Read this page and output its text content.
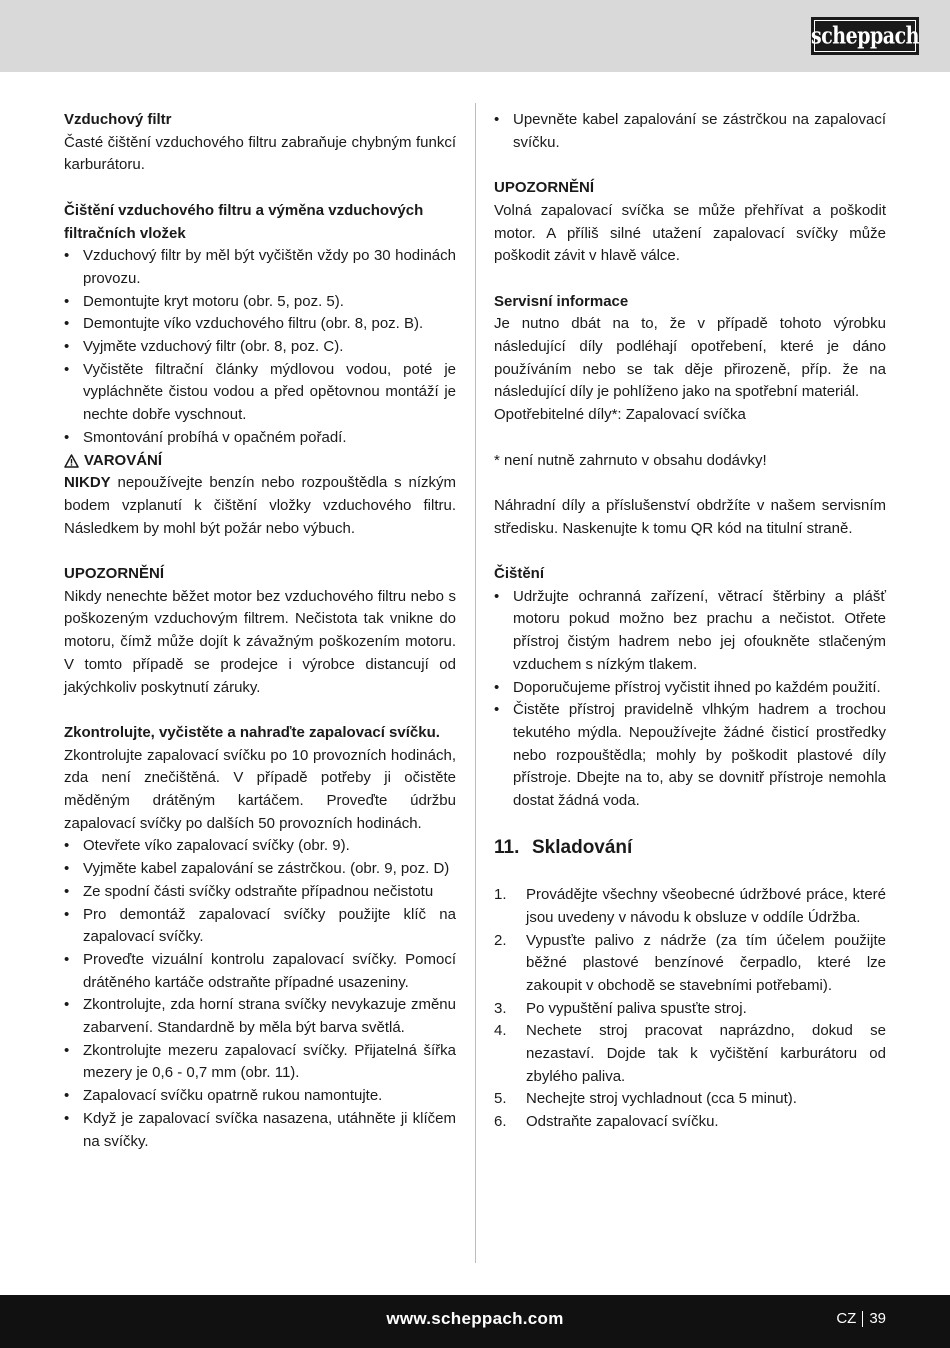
scheppach
Vzduchový filtr

Časté čištění vzduchového filtru zabraňuje chybným funkcí karburátoru.

Čištění vzduchového filtru a výměna vzduchových filtračních vložek
• Vzduchový filtr by měl být vyčištěn vždy po 30 hodinách provozu.
• Demontujte kryt motoru (obr. 5, poz. 5).
• Demontujte víko vzduchového filtru (obr. 8, poz. B).
• Vyjměte vzduchový filtr (obr. 8, poz. C).
• Vyčistěte filtrační články mýdlovou vodou, poté je vypláchněte čistou vodou a před opětovnou montáží je nechte dobře vyschnout.
• Smontování probíhá v opačném pořadí.
VAROVÁNÍ

NIKDY nepoužívejte benzín nebo rozpouštědla s nízkým bodem vzplanutí k čištění vložky vzduchového filtru. Následkem by mohl být požár nebo výbuch.

UPOZORNĚNÍ

Nikdy nenechte běžet motor bez vzduchového filtru nebo s poškozeným vzduchovým filtrem. Nečistota tak vnikne do motoru, čímž může dojít k závažným poškozením motoru. V tomto případě se prodejce i výrobce distancují od jakýchkoliv poskytnutí záruky.

Zkontrolujte, vyčistěte a nahraďte zapalovací svíčku.

Zkontrolujte zapalovací svíčku po 10 provozních hodinách, zda není znečištěná. V případě potřeby ji očistěte měděným drátěným kartáčem. Proveďte údržbu zapalovací svíčky po dalších 50 provozních hodinách.

• Otevřete víko zapalovací svíčky (obr. 9).
• Vyjměte kabel zapalování se zástrčkou. (obr. 9, poz. D)
• Ze spodní části svíčky odstraňte případnou nečistotu
• Pro demontáž zapalovací svíčky použijte klíč na zapalovací svíčky.
• Proveďte vizuální kontrolu zapalovací svíčky. Pomocí drátěného kartáče odstraňte případné usazeniny.
• Zkontrolujte, zda horní strana svíčky nevykazuje změnu zabarvení. Standardně by měla být barva světlá.
• Zkontrolujte mezeru zapalovací svíčky. Přijatelná šířka mezery je 0,6 - 0,7 mm (obr. 11).
• Zapalovací svíčku opatrně rukou namontujte.
• Když je zapalovací svíčka nasazena, utáhněte ji klíčem na svíčky.
• Upevněte kabel zapalování se zástrčkou na zapalovací svíčku.
UPOZORNĚNÍ

Volná zapalovací svíčka se může přehřívat a poškodit motor. A příliš silné utažení zapalovací svíčky může poškodit závit v hlavě válce.

Servisní informace

Je nutno dbát na to, že v případě tohoto výrobku následující díly podléhají opotřebení, které je dáno používáním nebo se tak děje přirozeně, příp. že na následující díly je pohlíženo jako na spotřební materiál.

Opotřebitelné díly*: Zapalovací svíčka

* není nutně zahrnuto v obsahu dodávky!

Náhradní díly a příslušenství obdržíte v našem servisním středisku. Naskenujte k tomu QR kód na titulní straně.

Čištění
• Udržujte ochranná zařízení, větrací štěrbiny a plášť motoru pokud možno bez prachu a nečistot. Otřete přístroj čistým hadrem nebo jej ofoukněte stlačeným vzduchem s nízkým tlakem.
• Doporučujeme přístroj vyčistit ihned po každém použití.
• Čistěte přístroj pravidelně vlhkým hadrem a trochou tekutého mýdla. Nepoužívejte žádné čisticí prostředky nebo rozpouštědla; mohly by poškodit plastové díly přístroje. Dbejte na to, aby se dovnitř přístroje nemohla dostat žádná voda.
11. Skladování
1. Provádějte všechny všeobecné údržbové práce, které jsou uvedeny v návodu k obsluze v oddíle Údržba.
2. Vypusťte palivo z nádrže (za tím účelem použijte běžné plastové benzínové čerpadlo, které lze zakoupit v obchodě se stavebními potřebami).
3. Po vypuštění paliva spusťte stroj.
4. Nechete stroj pracovat naprázdno, dokud se nezastaví. Dojde tak k vyčištění karburátoru od zbylého paliva.
5. Nechejte stroj vychladnout (cca 5 minut).
6. Odstraňte zapalovací svíčku.
www.scheppach.com	CZ 39
